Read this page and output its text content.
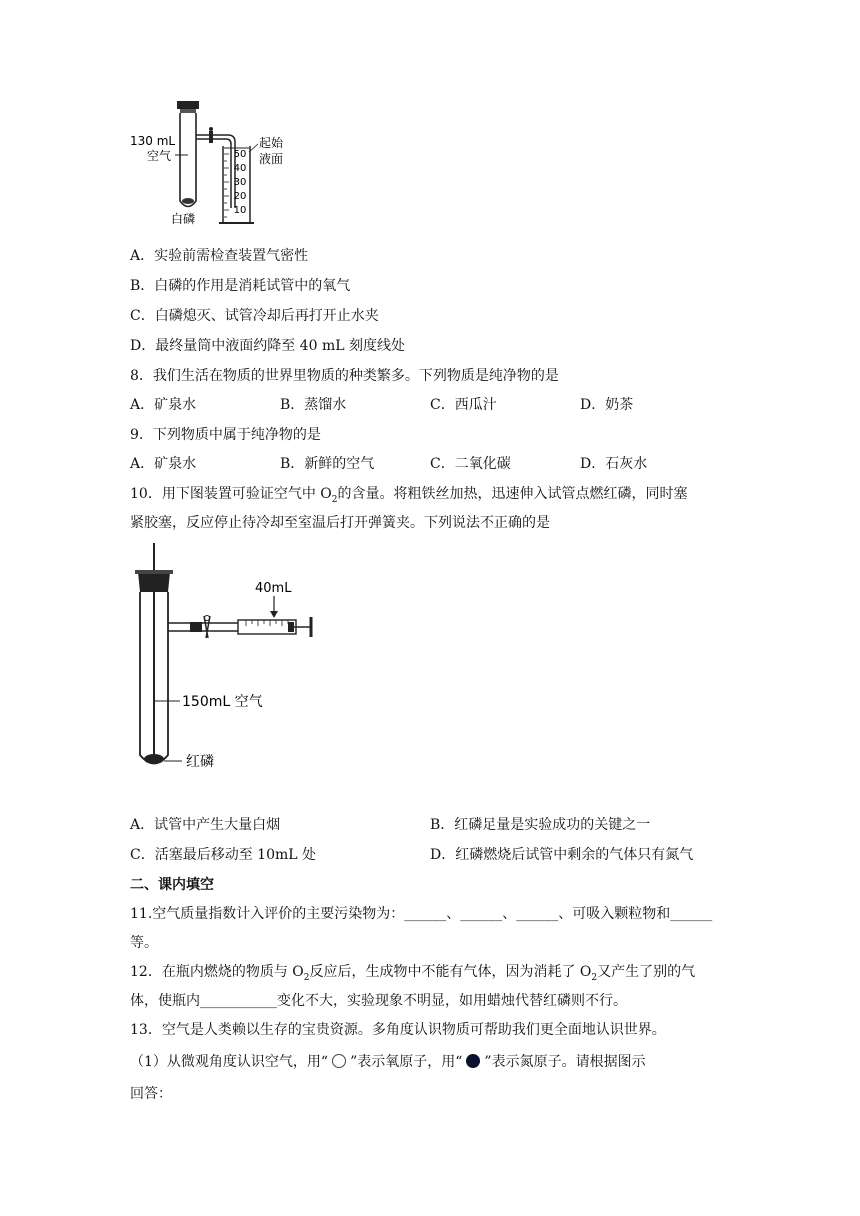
50
40
30
20
10
130 mL
空气
起始
液面
白磷
A．实验前需检查装置气密性
B．白磷的作用是消耗试管中的氧气
C．白磷熄灭、试管冷却后再打开止水夹
D．最终量筒中液面约降至 40 mL 刻度线处
8．我们生活在物质的世界里物质的种类繁多。下列物质是纯净物的是
A．矿泉水	B．蒸馏水	C．西瓜汁	D．奶茶
9．下列物质中属于纯净物的是
A．矿泉水	B．新鲜的空气	C．二氧化碳	D．石灰水
10．用下图装置可验证空气中 $O_2$的含量。将粗铁丝加热，迅速伸入试管点燃红磷，同时塞
紧胶塞，反应停止待冷却至室温后打开弹簧夹。下列说法不正确的是
40mL
150mL 空气
红磷
A．试管中产生大量白烟	B．红磷足量是实验成功的关键之一
C．活塞最后移动至 10mL 处	D．红磷燃烧后试管中剩余的气体只有氮气
二、课内填空
11.空气质量指数计入评价的主要污染物为：______、______、______、可吸入颗粒物和______
等。
12．在瓶内燃烧的物质与 $O_2$反应后，生成物中不能有气体，因为消耗了 $O_2$又产生了别的气
体，使瓶内___________变化不大，实验现象不明显，如用蜡烛代替红磷则不行。
13．空气是人类赖以生存的宝贵资源。多角度认识物质可帮助我们更全面地认识世界。
（1）从微观角度认识空气，用“ ”表示氧原子，用“ ”表示氮原子。请根据图示
回答：
